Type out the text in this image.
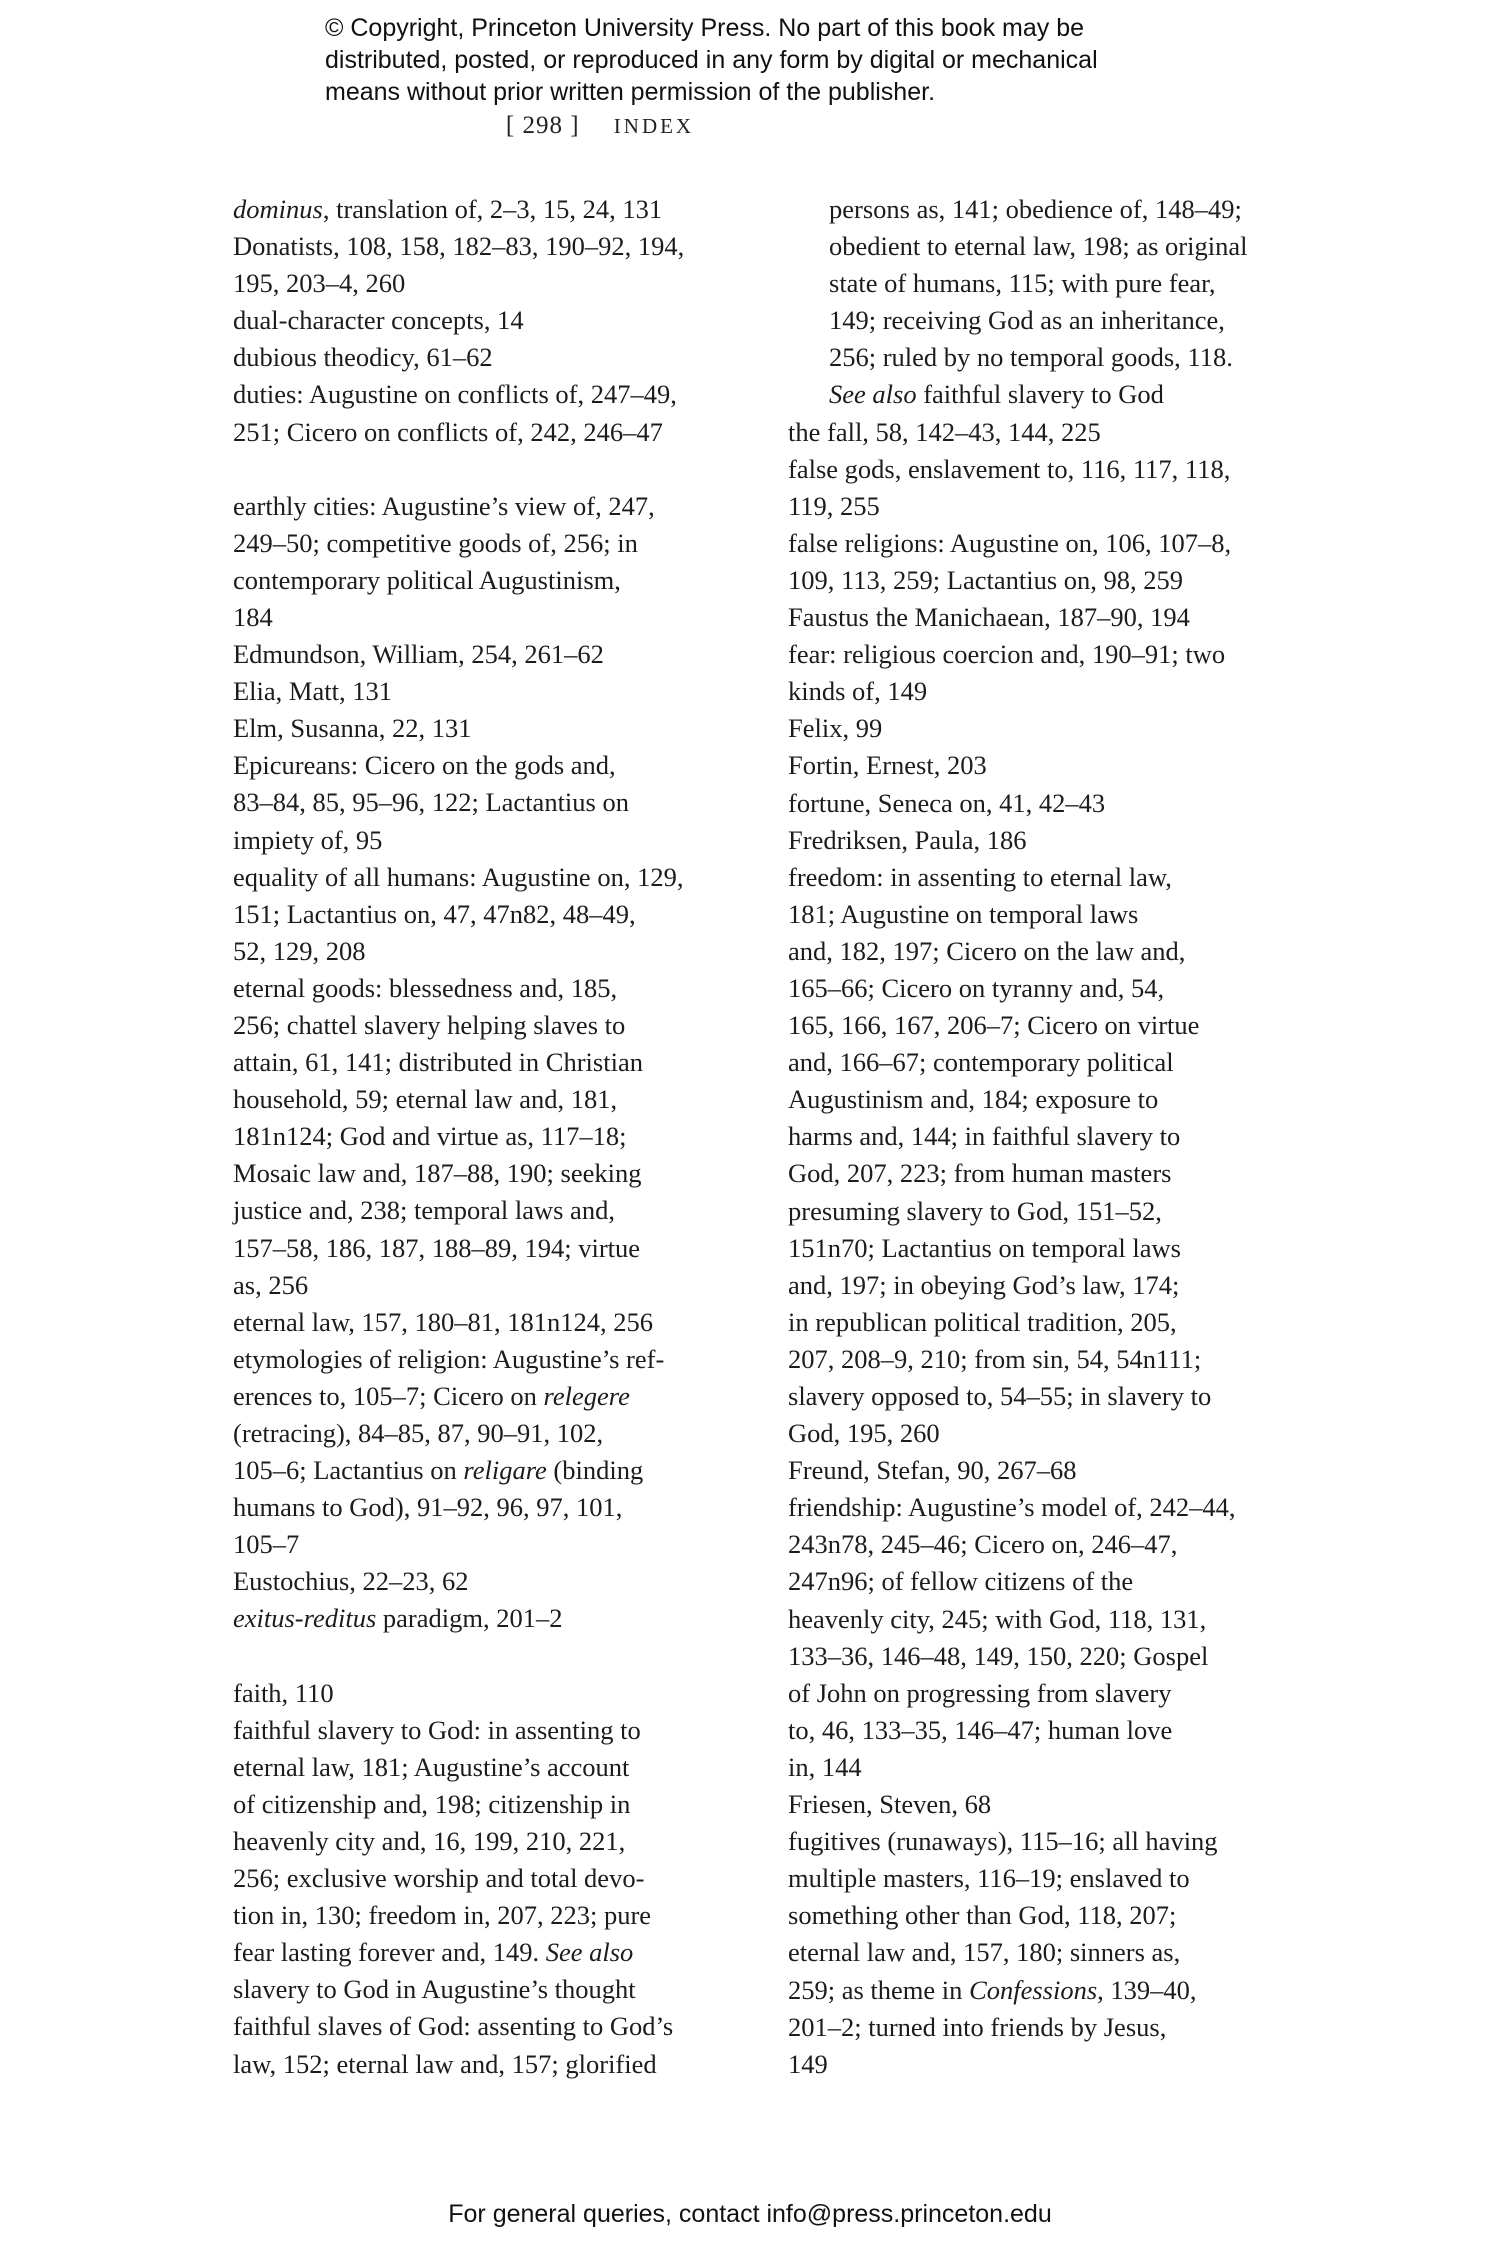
© Copyright, Princeton University Press. No part of this book may be
distributed, posted, or reproduced in any form by digital or mechanical
means without prior written permission of the publisher.
[ 298 ] INDEX
dominus, translation of, 2–3, 15, 24, 131
Donatists, 108, 158, 182–83, 190–92, 194,
195, 203–4, 260
dual-character concepts, 14
dubious theodicy, 61–62
duties: Augustine on conflicts of, 247–49,
251; Cicero on conflicts of, 242, 246–47
earthly cities: Augustine’s view of, 247,
249–50; competitive goods of, 256; in
contemporary political Augustinism,
184
Edmundson, William, 254, 261–62
Elia, Matt, 131
Elm, Susanna, 22, 131
Epicureans: Cicero on the gods and,
83–84, 85, 95–96, 122; Lactantius on
impiety of, 95
equality of all humans: Augustine on, 129,
151; Lactantius on, 47, 47n82, 48–49,
52, 129, 208
eternal goods: blessedness and, 185,
256; chattel slavery helping slaves to
attain, 61, 141; distributed in Christian
household, 59; eternal law and, 181,
181n124; God and virtue as, 117–18;
Mosaic law and, 187–88, 190; seeking
justice and, 238; temporal laws and,
157–58, 186, 187, 188–89, 194; virtue
as, 256
eternal law, 157, 180–81, 181n124, 256
etymologies of religion: Augustine’s ref-
erences to, 105–7; Cicero on relegere
(retracing), 84–85, 87, 90–91, 102,
105–6; Lactantius on religare (binding
humans to God), 91–92, 96, 97, 101,
105–7
Eustochius, 22–23, 62
exitus-reditus paradigm, 201–2
faith, 110
faithful slavery to God: in assenting to
eternal law, 181; Augustine’s account
of citizenship and, 198; citizenship in
heavenly city and, 16, 199, 210, 221,
256; exclusive worship and total devo-
tion in, 130; freedom in, 207, 223; pure
fear lasting forever and, 149. See also
slavery to God in Augustine’s thought
faithful slaves of God: assenting to God’s
law, 152; eternal law and, 157; glorified
persons as, 141; obedience of, 148–49;
obedient to eternal law, 198; as original
state of humans, 115; with pure fear,
149; receiving God as an inheritance,
256; ruled by no temporal goods, 118.
See also faithful slavery to God
the fall, 58, 142–43, 144, 225
false gods, enslavement to, 116, 117, 118,
119, 255
false religions: Augustine on, 106, 107–8,
109, 113, 259; Lactantius on, 98, 259
Faustus the Manichaean, 187–90, 194
fear: religious coercion and, 190–91; two
kinds of, 149
Felix, 99
Fortin, Ernest, 203
fortune, Seneca on, 41, 42–43
Fredriksen, Paula, 186
freedom: in assenting to eternal law,
181; Augustine on temporal laws
and, 182, 197; Cicero on the law and,
165–66; Cicero on tyranny and, 54,
165, 166, 167, 206–7; Cicero on virtue
and, 166–67; contemporary political
Augustinism and, 184; exposure to
harms and, 144; in faithful slavery to
God, 207, 223; from human masters
presuming slavery to God, 151–52,
151n70; Lactantius on temporal laws
and, 197; in obeying God’s law, 174;
in republican political tradition, 205,
207, 208–9, 210; from sin, 54, 54n111;
slavery opposed to, 54–55; in slavery to
God, 195, 260
Freund, Stefan, 90, 267–68
friendship: Augustine’s model of, 242–44,
243n78, 245–46; Cicero on, 246–47,
247n96; of fellow citizens of the
heavenly city, 245; with God, 118, 131,
133–36, 146–48, 149, 150, 220; Gospel
of John on progressing from slavery
to, 46, 133–35, 146–47; human love
in, 144
Friesen, Steven, 68
fugitives (runaways), 115–16; all having
multiple masters, 116–19; enslaved to
something other than God, 118, 207;
eternal law and, 157, 180; sinners as,
259; as theme in Confessions, 139–40,
201–2; turned into friends by Jesus,
149
For general queries, contact info@press.princeton.edu
